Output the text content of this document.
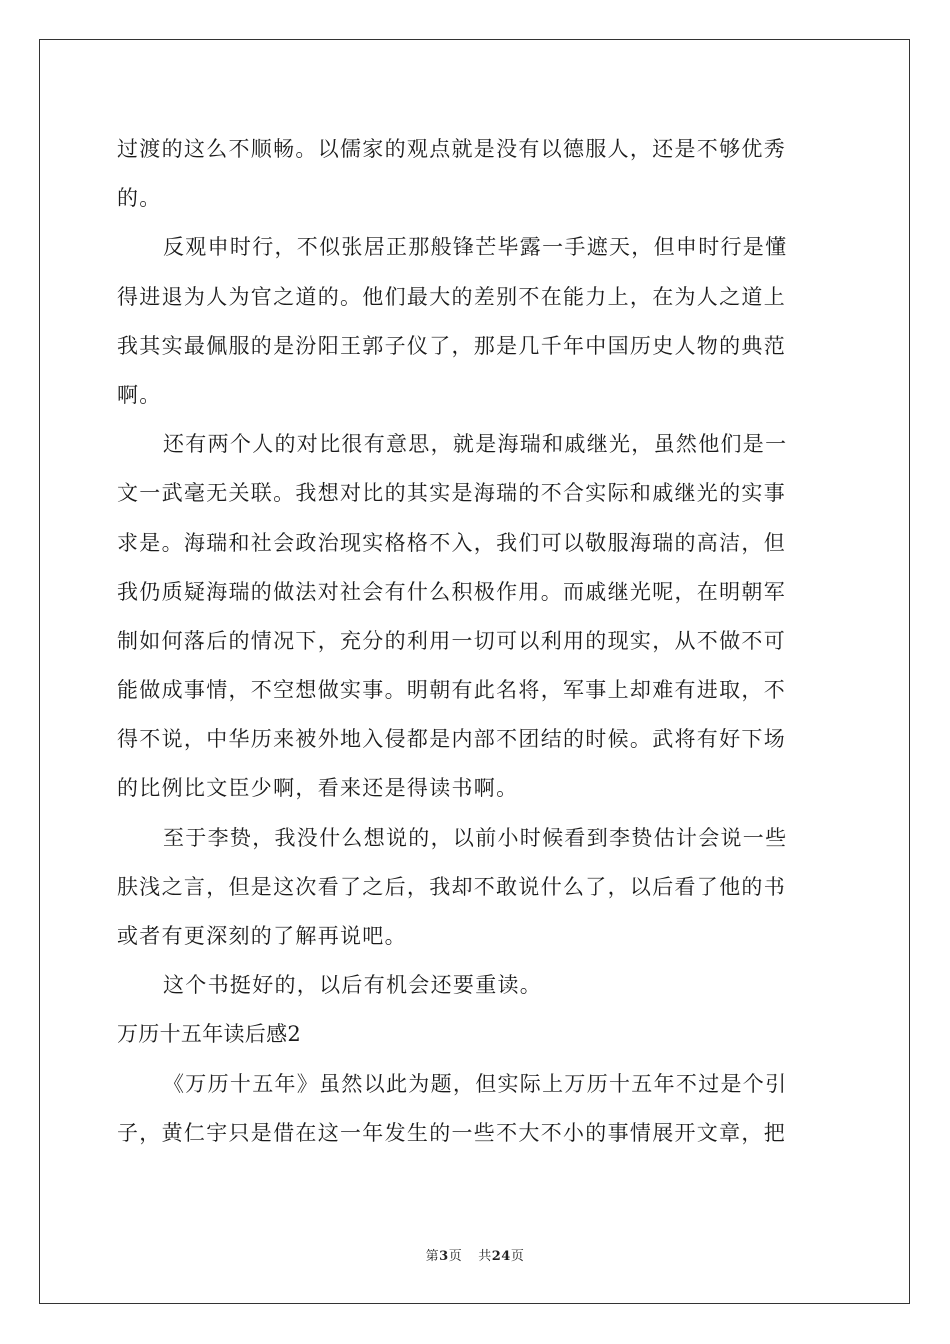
过渡的这么不顺畅。以儒家的观点就是没有以德服人，还是不够优秀
的。
反观申时行，不似张居正那般锋芒毕露一手遮天，但申时行是懂
得进退为人为官之道的。他们最大的差别不在能力上，在为人之道上
我其实最佩服的是汾阳王郭子仪了，那是几千年中国历史人物的典范
啊。
还有两个人的对比很有意思，就是海瑞和戚继光，虽然他们是一
文一武毫无关联。我想对比的其实是海瑞的不合实际和戚继光的实事
求是。海瑞和社会政治现实格格不入，我们可以敬服海瑞的高洁，但
我仍质疑海瑞的做法对社会有什么积极作用。而戚继光呢，在明朝军
制如何落后的情况下，充分的利用一切可以利用的现实，从不做不可
能做成事情，不空想做实事。明朝有此名将，军事上却难有进取，不
得不说，中华历来被外地入侵都是内部不团结的时候。武将有好下场
的比例比文臣少啊，看来还是得读书啊。
至于李贽，我没什么想说的，以前小时候看到李贽估计会说一些
肤浅之言，但是这次看了之后，我却不敢说什么了，以后看了他的书
或者有更深刻的了解再说吧。
这个书挺好的，以后有机会还要重读。
万历十五年读后感2
《万历十五年》虽然以此为题，但实际上万历十五年不过是个引
子，黄仁宇只是借在这一年发生的一些不大不小的事情展开文章，把
第3页 共24页
